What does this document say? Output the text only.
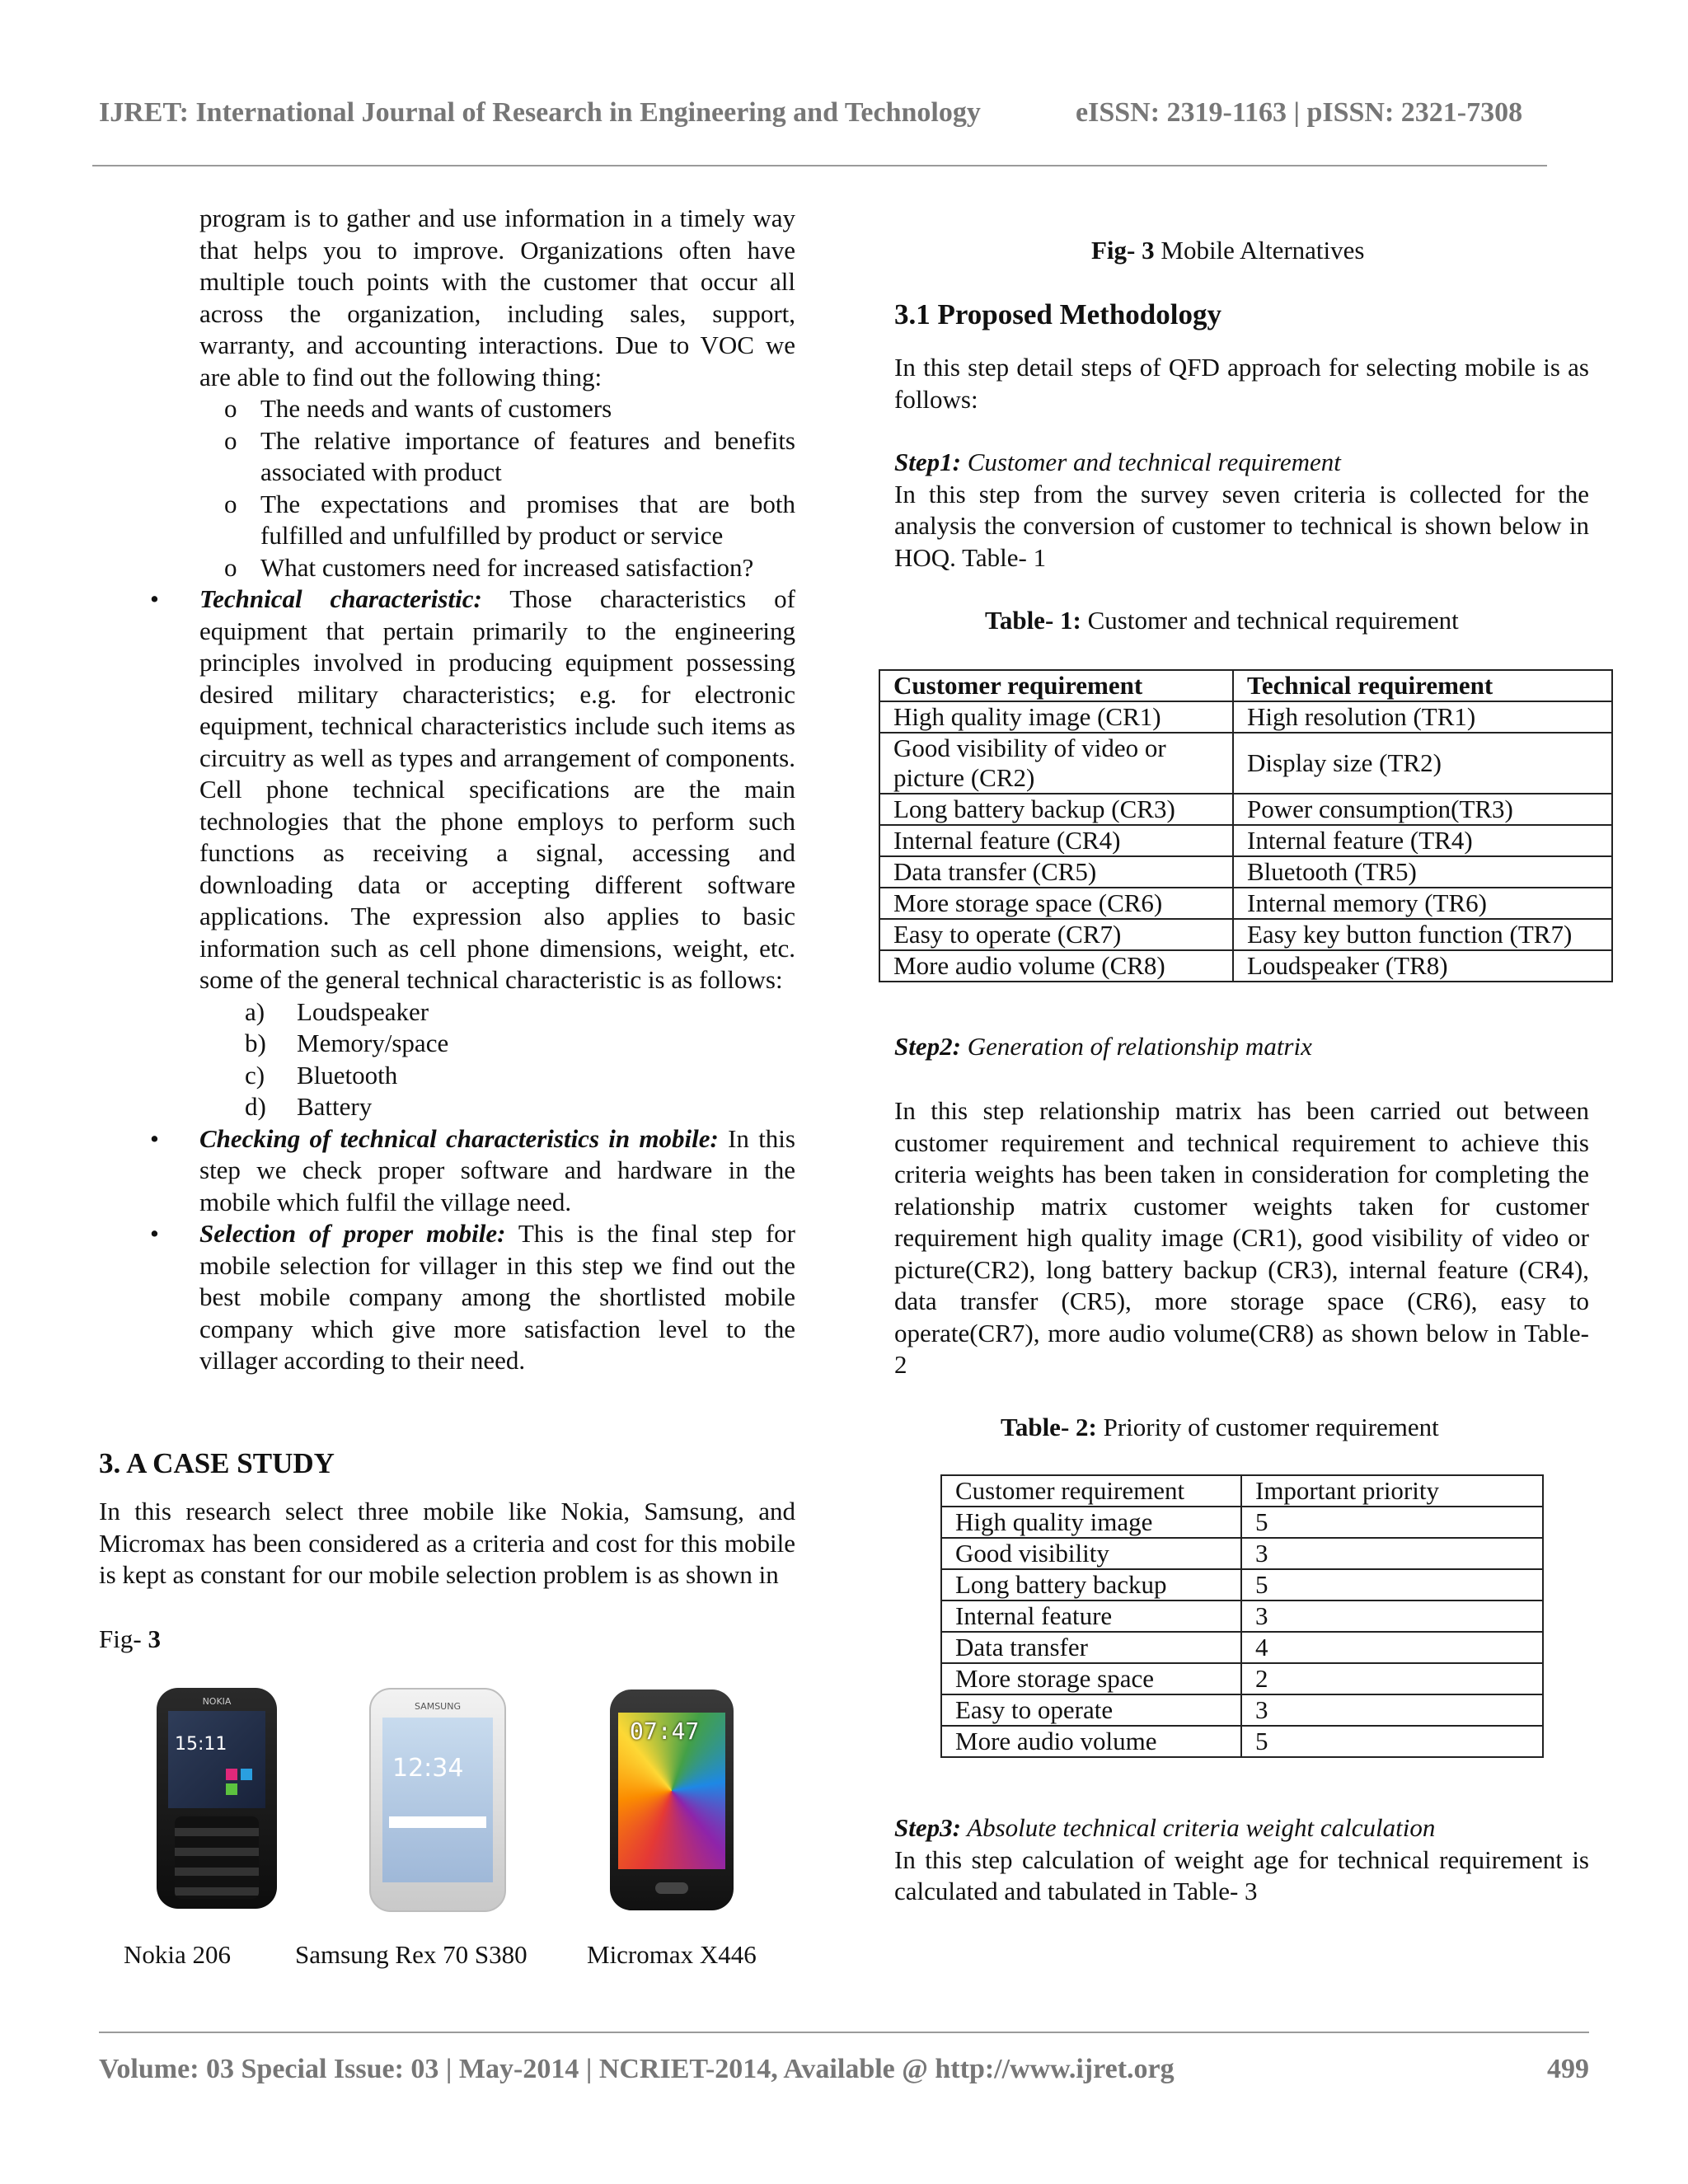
IJRET: International Journal of Research in Engineering and Technology	eISSN: 2319-1163 | pISSN: 2321-7308
program is to gather and use information in a timely way that helps you to improve. Organizations often have multiple touch points with the customer that occur all across the organization, including sales, support, warranty, and accounting interactions. Due to VOC we are able to find out the following thing:
o The needs and wants of customers
o The relative importance of features and benefits associated with product
o The expectations and promises that are both fulfilled and unfulfilled by product or service
o What customers need for increased satisfaction?
• Technical characteristic: Those characteristics of equipment that pertain primarily to the engineering principles involved in producing equipment possessing desired military characteristics; e.g. for electronic equipment, technical characteristics include such items as circuitry as well as types and arrangement of components. Cell phone technical specifications are the main technologies that the phone employs to perform such functions as receiving a signal, accessing and downloading data or accepting different software applications. The expression also applies to basic information such as cell phone dimensions, weight, etc. some of the general technical characteristic is as follows:
a) Loudspeaker
b) Memory/space
c) Bluetooth
d) Battery
• Checking of technical characteristics in mobile: In this step we check proper software and hardware in the mobile which fulfil the village need.
• Selection of proper mobile: This is the final step for mobile selection for villager in this step we find out the best mobile company among the shortlisted mobile company which give more satisfaction level to the villager according to their need.
3. A CASE STUDY
In this research select three mobile like Nokia, Samsung, and Micromax has been considered as a criteria and cost for this mobile is kept as constant for our mobile selection problem is as shown in
Fig- 3
NOKIA
15:11
SAMSUNG
12:34
07:47
Nokia 206	Samsung Rex 70 S380 Micromax X446
Fig- 3 Mobile Alternatives
3.1 Proposed Methodology
In this step detail steps of QFD approach for selecting mobile is as follows:
Step1: Customer and technical requirement
In this step from the survey seven criteria is collected for the analysis the conversion of customer to technical is shown below in HOQ. Table- 1
Table- 1: Customer and technical requirement
Customer requirement	Technical requirement
High quality image (CR1)	High resolution (TR1)
Good visibility of video or picture (CR2)	Display size (TR2)
Long battery backup (CR3)	Power consumption(TR3)
Internal feature (CR4)	Internal feature (TR4)
Data transfer (CR5)	Bluetooth (TR5)
More storage space (CR6)	Internal memory (TR6)
Easy to operate (CR7)	Easy key button function (TR7)
More audio volume (CR8)	Loudspeaker (TR8)
Step2: Generation of relationship matrix
In this step relationship matrix has been carried out between customer requirement and technical requirement to achieve this criteria weights has been taken in consideration for completing the relationship matrix customer weights taken for customer requirement high quality image (CR1), good visibility of video or picture(CR2), long battery backup (CR3), internal feature (CR4), data transfer (CR5), more storage space (CR6), easy to operate(CR7), more audio volume(CR8) as shown below in Table- 2
Table- 2: Priority of customer requirement
Customer requirement	Important priority
High quality image	5
Good visibility	3
Long battery backup	5
Internal feature	3
Data transfer	4
More storage space	2
Easy to operate	3
More audio volume	5
Step3: Absolute technical criteria weight calculation
In this step calculation of weight age for technical requirement is calculated and tabulated in Table- 3
Volume: 03 Special Issue: 03 | May-2014 | NCRIET-2014, Available @ http://www.ijret.org	499
